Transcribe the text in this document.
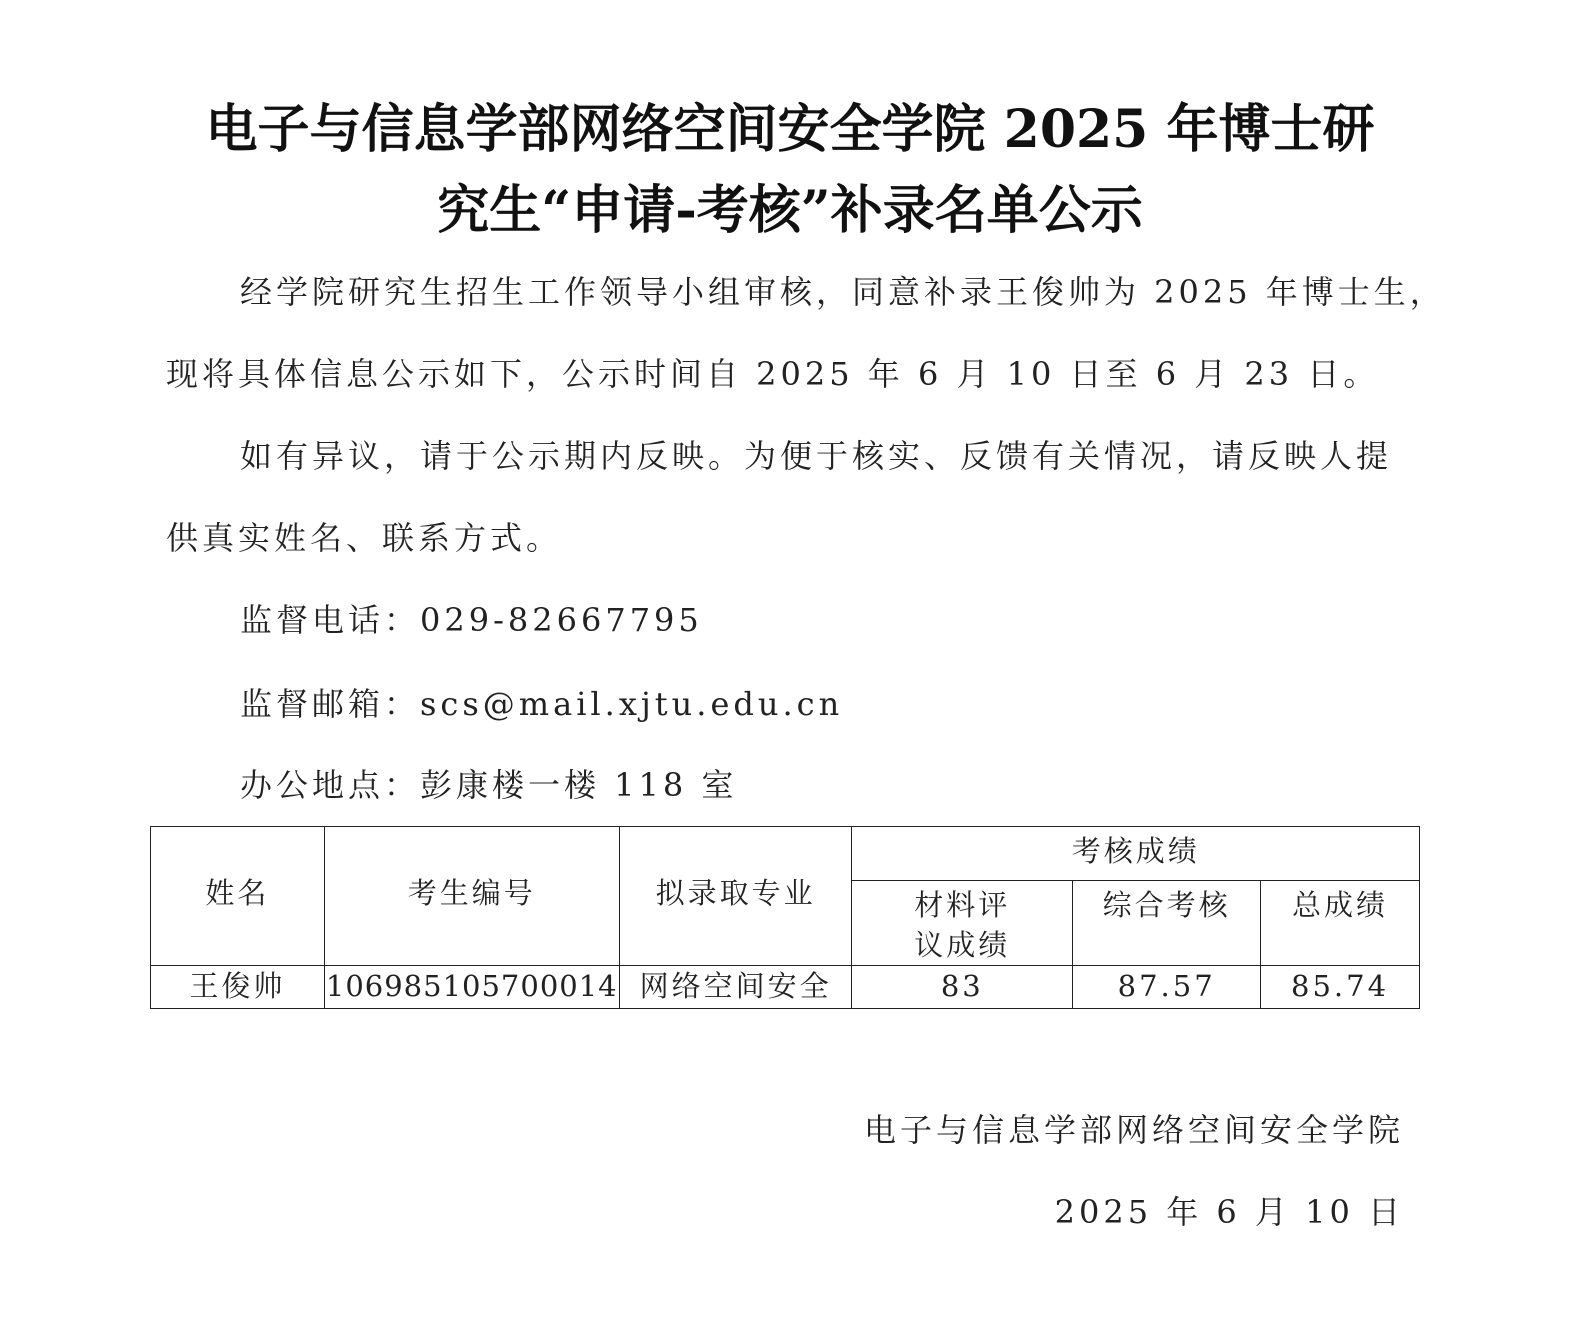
电子与信息学部网络空间安全学院 2025 年博士研
究生“申请-考核”补录名单公示
经学院研究生招生工作领导小组审核，同意补录王俊帅为 2025 年博士生，
现将具体信息公示如下，公示时间自 2025 年 6 月 10 日至 6 月 23 日。
如有异议，请于公示期内反映。为便于核实、反馈有关情况，请反映人提
供真实姓名、联系方式。
监督电话：029-82667795
监督邮箱：scs@mail.xjtu.edu.cn
办公地点：彭康楼一楼 118 室
姓名	考生编号	拟录取专业	考核成绩		
			材料评议成绩	综合考核	总成绩
王俊帅	106985105700014	网络空间安全	83	87.57	85.74
电子与信息学部网络空间安全学院
2025 年 6 月 10 日
